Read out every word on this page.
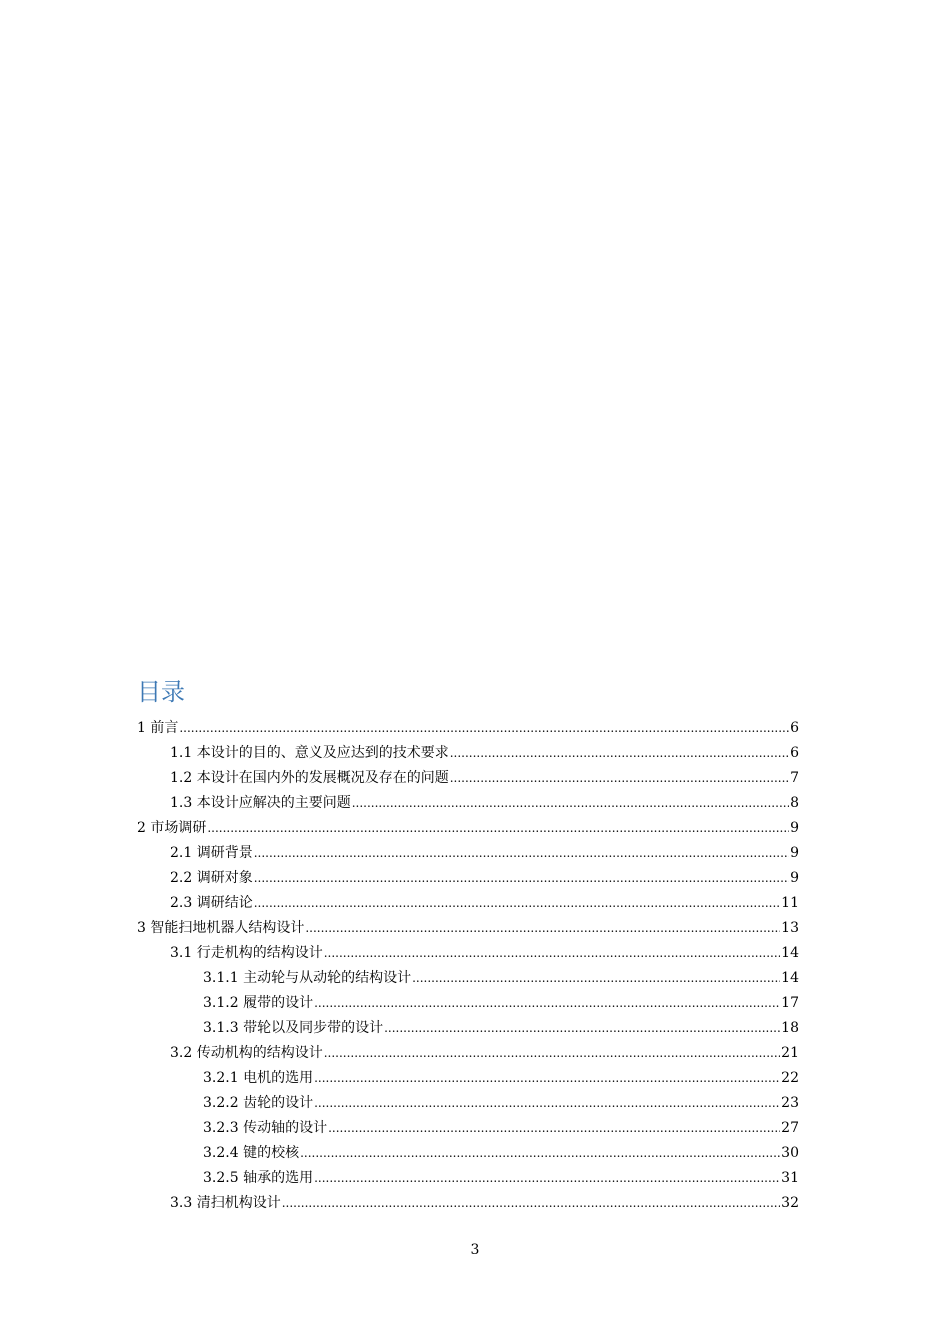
目录
1 前言 .....	6
1.1 本设计的目的、意义及应达到的技术要求 .....	6
1.2 本设计在国内外的发展概况及存在的问题 .....	7
1.3 本设计应解决的主要问题 .....	8
2 市场调研 .....	9
2.1 调研背景 .....	9
2.2 调研对象 .....	9
2.3 调研结论 .....	11
3 智能扫地机器人结构设计 .....	13
3.1 行走机构的结构设计 .....	14
3.1.1 主动轮与从动轮的结构设计 .....	14
3.1.2 履带的设计 .....	17
3.1.3 带轮以及同步带的设计 .....	18
3.2 传动机构的结构设计 .....	21
3.2.1 电机的选用 .....	22
3.2.2 齿轮的设计 .....	23
3.2.3 传动轴的设计 .....	27
3.2.4 键的校核 .....	30
3.2.5 轴承的选用 .....	31
3.3 清扫机构设计 .....	32
3
